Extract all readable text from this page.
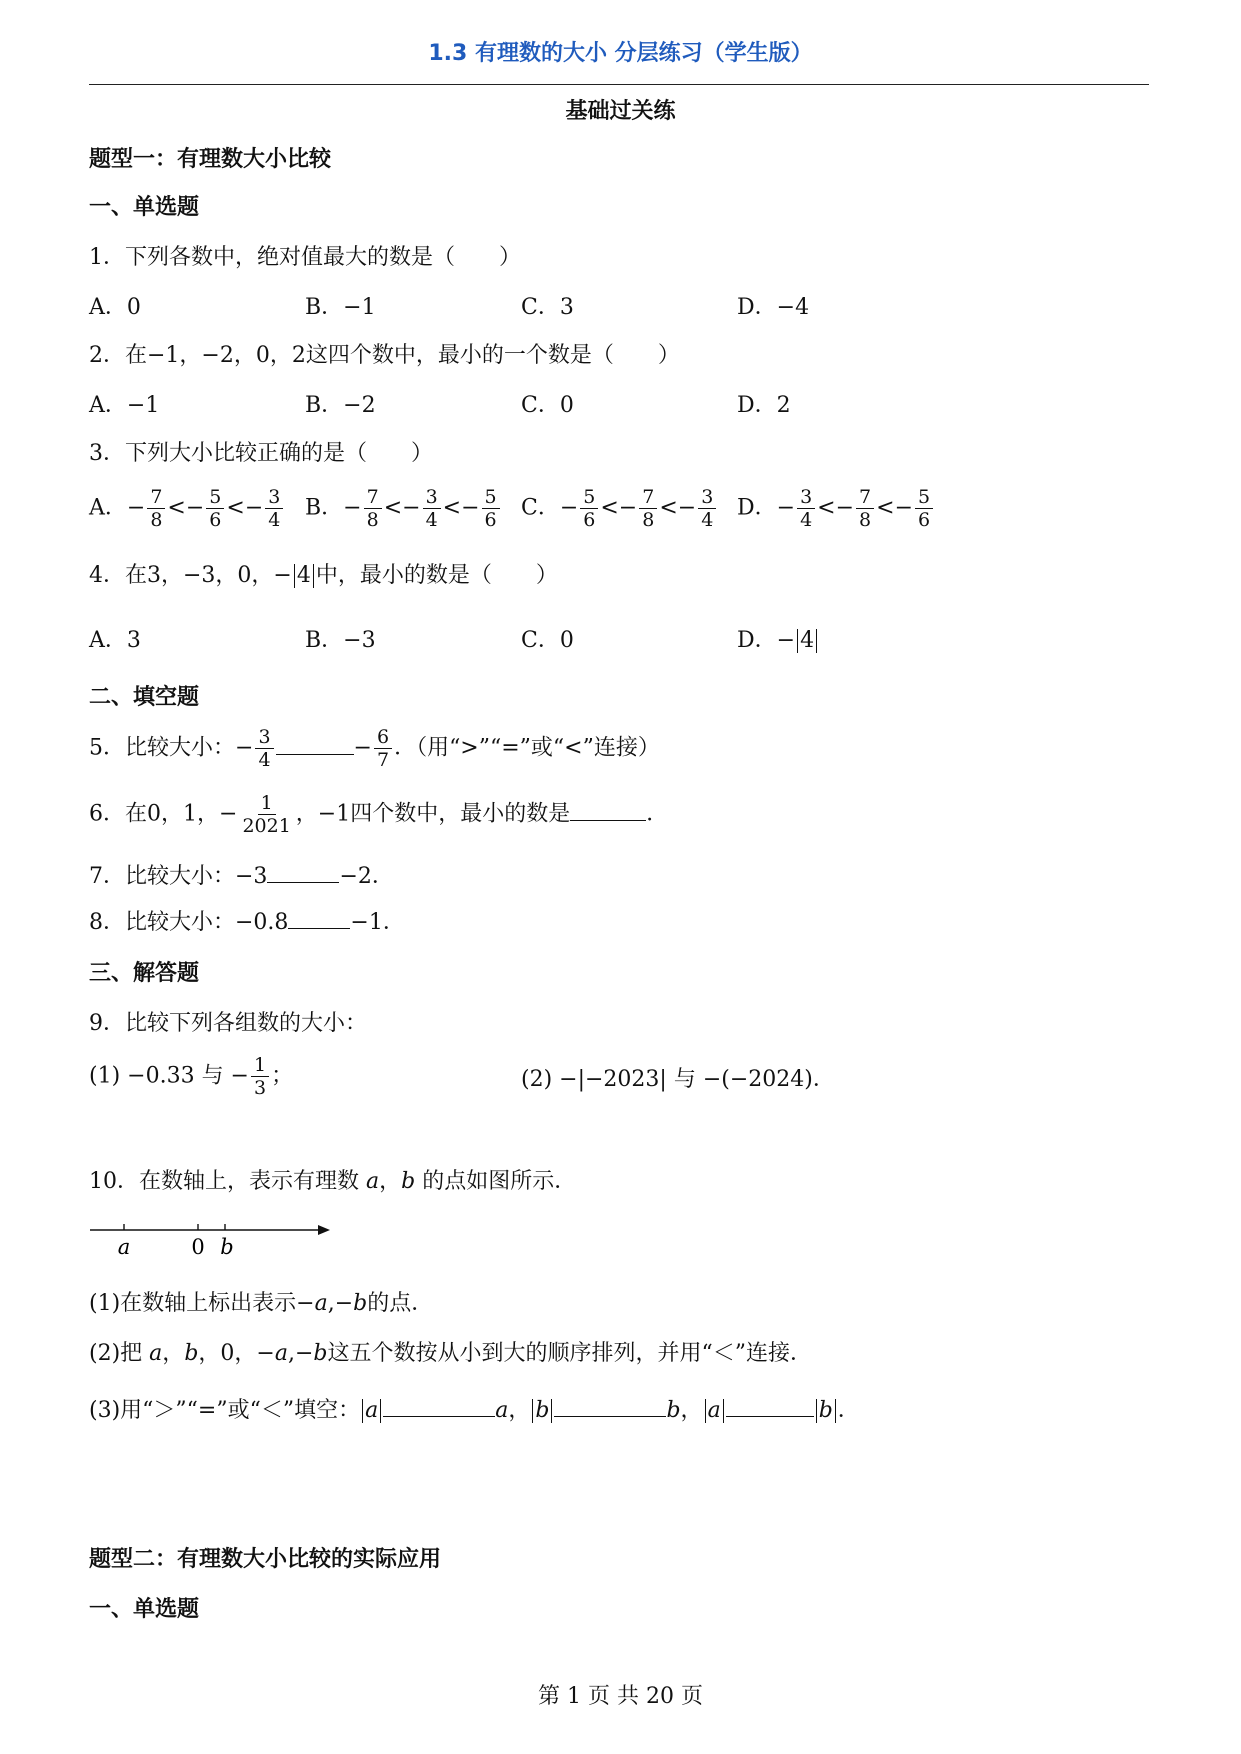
1.3 有理数的大小 分层练习（学生版）
基础过关练
题型一：有理数大小比较
一、单选题
1．下列各数中，绝对值最大的数是（　　）
A．0	B．−1	C．3	D．−4
2．在−1，−2，0，2这四个数中，最小的一个数是（　　）
A．−1	B．−2	C．0	D．2
3．下列大小比较正确的是（　　）
A．− $\frac{7}{8} <- \frac{5}{6} <- \frac{3}{4}$ B．− $\frac{7}{8} <- \frac{3}{4} <- \frac{5}{6}$ C．− $\frac{5}{6} <- \frac{7}{8} <- \frac{3}{4}$ D．− $\frac{3}{4} <- \frac{7}{8} <- \frac{5}{6}$
4．在3，−3，0，− 4 中，最小的数是（　　）
A．3	B．−3	C．0	D．− 4
二、填空题
5．比较大小：− $\frac{3}{4}$	− $\frac{6}{7}$ ．（用“>”“=”或“<”连接）
6．在0，1，− $\frac{1}{2021}$ ，−1四个数中，最小的数是	．
7．比较大小：−3	−2．
8．比较大小：−0.8	−1．
三、解答题
9．比较下列各组数的大小：
(1) −0.33 与 − $\frac{1}{3}$ ；	(2) −|−2023| 与 −(−2024)．
10．在数轴上，表示有理数 a，b 的点如图所示．
a	0 b
(1)在数轴上标出表示−a,−b的点．
(2)把 a，b，0，−a,−b这五个数按从小到大的顺序排列，并用“＜”连接．
(3)用“＞”“=”或“＜”填空： a	a， b	b， a	b ．
题型二：有理数大小比较的实际应用
一、单选题
第 1 页 共 20 页
